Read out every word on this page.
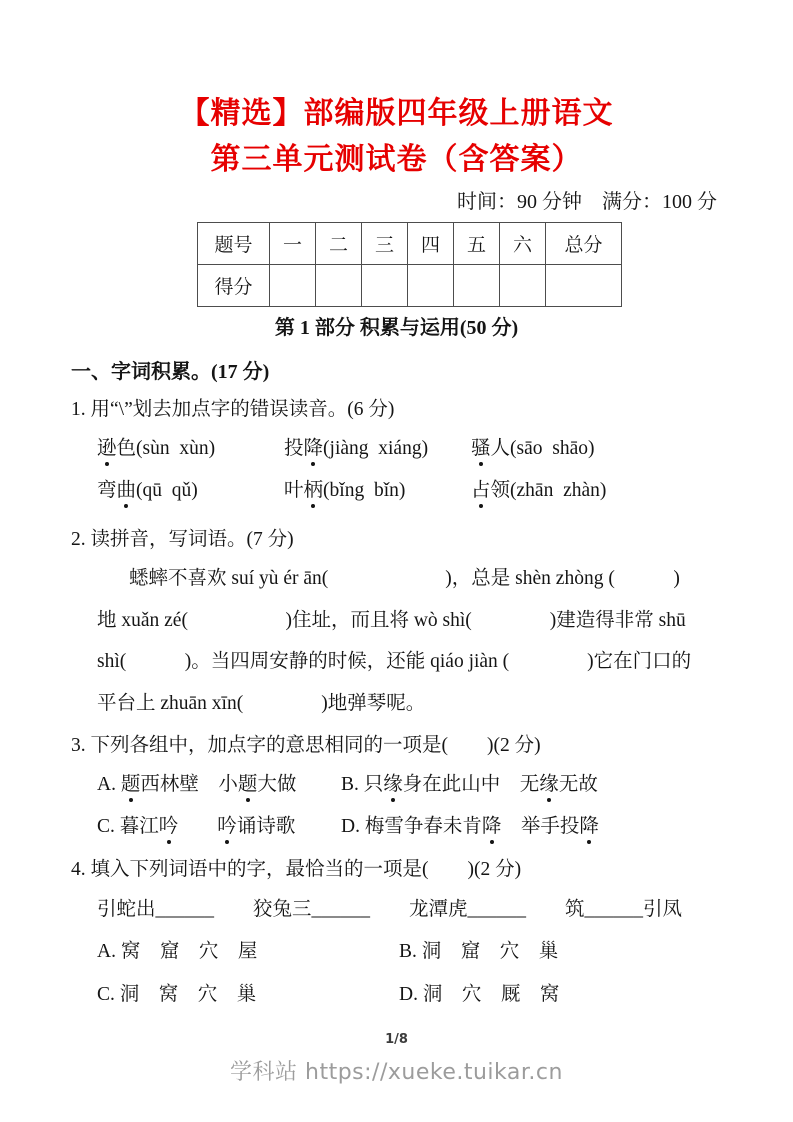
【精选】部编版四年级上册语文
第三单元测试卷（含答案）
时间：90 分钟　满分：100 分
题号	一	二	三	四	五	六	总分
得分							
第 1 部分 积累与运用(50 分)
一、字词积累。(17 分)
1. 用“\”划去加点字的错误读音。(6 分)
逊色(sùn  xùn)	投降(jiàng  xiáng)	骚人(sāo  shāo)
弯曲(qū  qǔ)	叶柄(bǐng  bǐn)	占领(zhān  zhàn)
2. 读拼音，写词语。(7 分)
蟋蟀不喜欢 suí yù ér ān(　　　　　　)，总是 shèn zhòng (　　　)
地 xuǎn zé(　　　　　)住址，而且将 wò shì(　　　　)建造得非常 shū
shì(　　　)。当四周安静的时候，还能 qiáo jiàn (　　　　)它在门口的
平台上 zhuān xīn(　　　　)地弹琴呢。
3. 下列各组中，加点字的意思相同的一项是(　　)(2 分)
A. 题西林壁　小题大做	B. 只缘身在此山中　无缘无故
C. 暮江吟　　 吟诵诗歌	D. 梅雪争春未肯降　举手投降
4. 填入下列词语中的字，最恰当的一项是(　　)(2 分)
引蛇出______　　狡兔三______　　龙潭虎______　　筑______引凤
A. 窝　窟　穴　屋	B. 洞　窟　穴　巢
C. 洞　窝　穴　巢	D. 洞　穴　厩　窝
1/8
学科站 https://xueke.tuikar.cn
